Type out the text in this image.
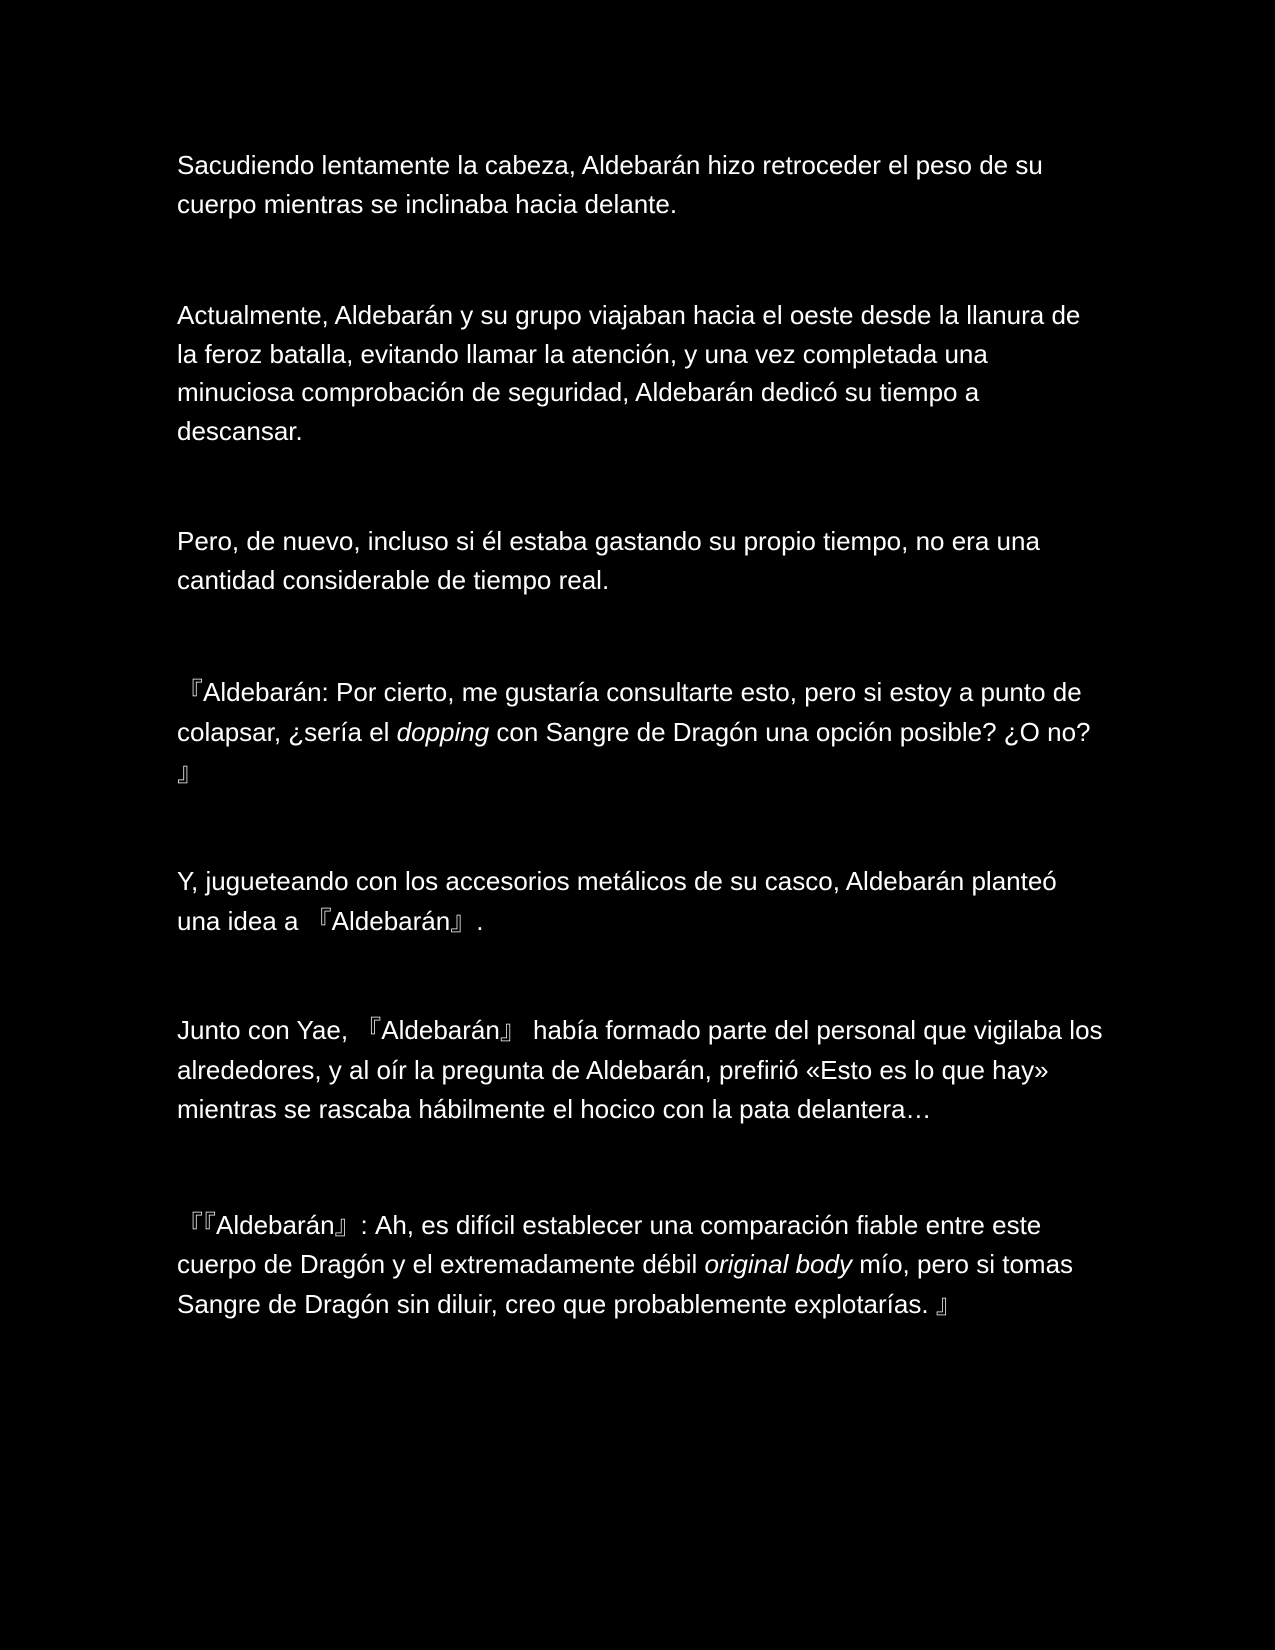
Sacudiendo lentamente la cabeza, Aldebarán hizo retroceder el peso de su cuerpo mientras se inclinaba hacia delante.

Actualmente, Aldebarán y su grupo viajaban hacia el oeste desde la llanura de la feroz batalla, evitando llamar la atención, y una vez completada una minuciosa comprobación de seguridad, Aldebarán dedicó su tiempo a descansar.

Pero, de nuevo, incluso si él estaba gastando su propio tiempo, no era una cantidad considerable de tiempo real.

『Aldebarán: Por cierto, me gustaría consultarte esto, pero si estoy a punto de colapsar, ¿sería el dopping con Sangre de Dragón una opción posible? ¿O no? 』

Y, jugueteando con los accesorios metálicos de su casco, Aldebarán planteó una idea a 『Aldebarán』.

Junto con Yae, 『Aldebarán』 había formado parte del personal que vigilaba los alrededores, y al oír la pregunta de Aldebarán, prefirió «Esto es lo que hay» mientras se rascaba hábilmente el hocico con la pata delantera…

『『Aldebarán』: Ah, es difícil establecer una comparación fiable entre este cuerpo de Dragón y el extremadamente débil original body mío, pero si tomas Sangre de Dragón sin diluir, creo que probablemente explotarías. 』
